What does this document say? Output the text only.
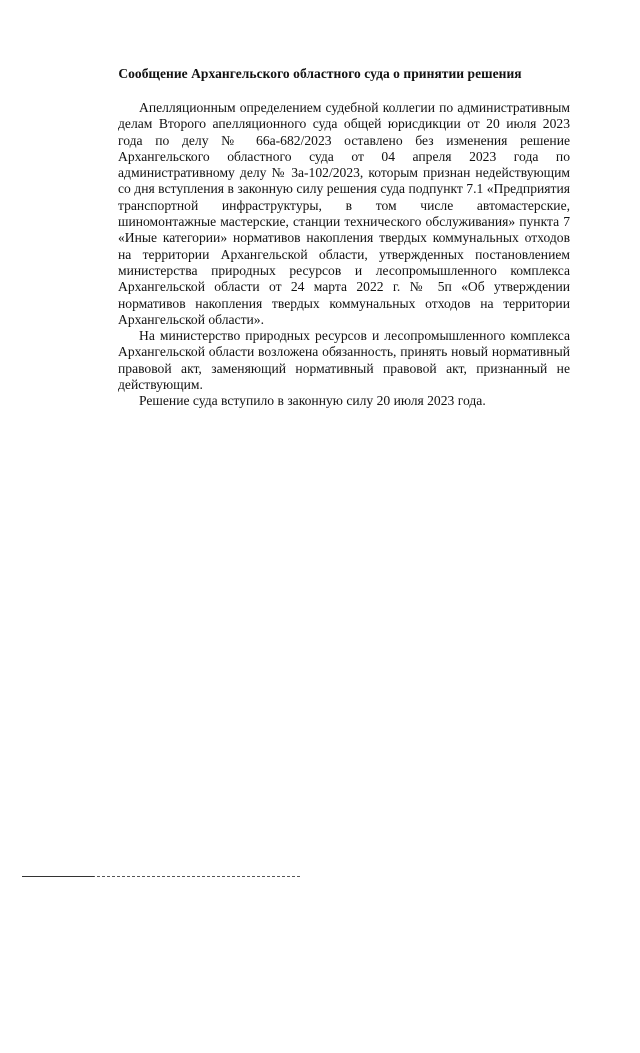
Сообщение Архангельского областного суда о принятии решения

Апелляционным определением судебной коллегии по административным делам Второго апелляционного суда общей юрисдикции от 20 июля 2023 года по делу № 66а-682/2023 оставлено без изменения решение Архангельского областного суда от 04 апреля 2023 года по административному делу № 3а-102/2023, которым признан недействующим со дня вступления в законную силу решения суда подпункт 7.1 «Предприятия транспортной инфраструктуры, в том числе автомастерские, шиномонтажные мастерские, станции технического обслуживания» пункта 7 «Иные категории» нормативов накопления твердых коммунальных отходов на территории Архангельской области, утвержденных постановлением министерства природных ресурсов и лесопромышленного комплекса Архангельской области от 24 марта 2022 г. № 5п «Об утверждении нормативов накопления твердых коммунальных отходов на территории Архангельской области».

На министерство природных ресурсов и лесопромышленного комплекса Архангельской области возложена обязанность, принять новый нормативный правовой акт, заменяющий нормативный правовой акт, признанный не действующим.

Решение суда вступило в законную силу 20 июля 2023 года.
